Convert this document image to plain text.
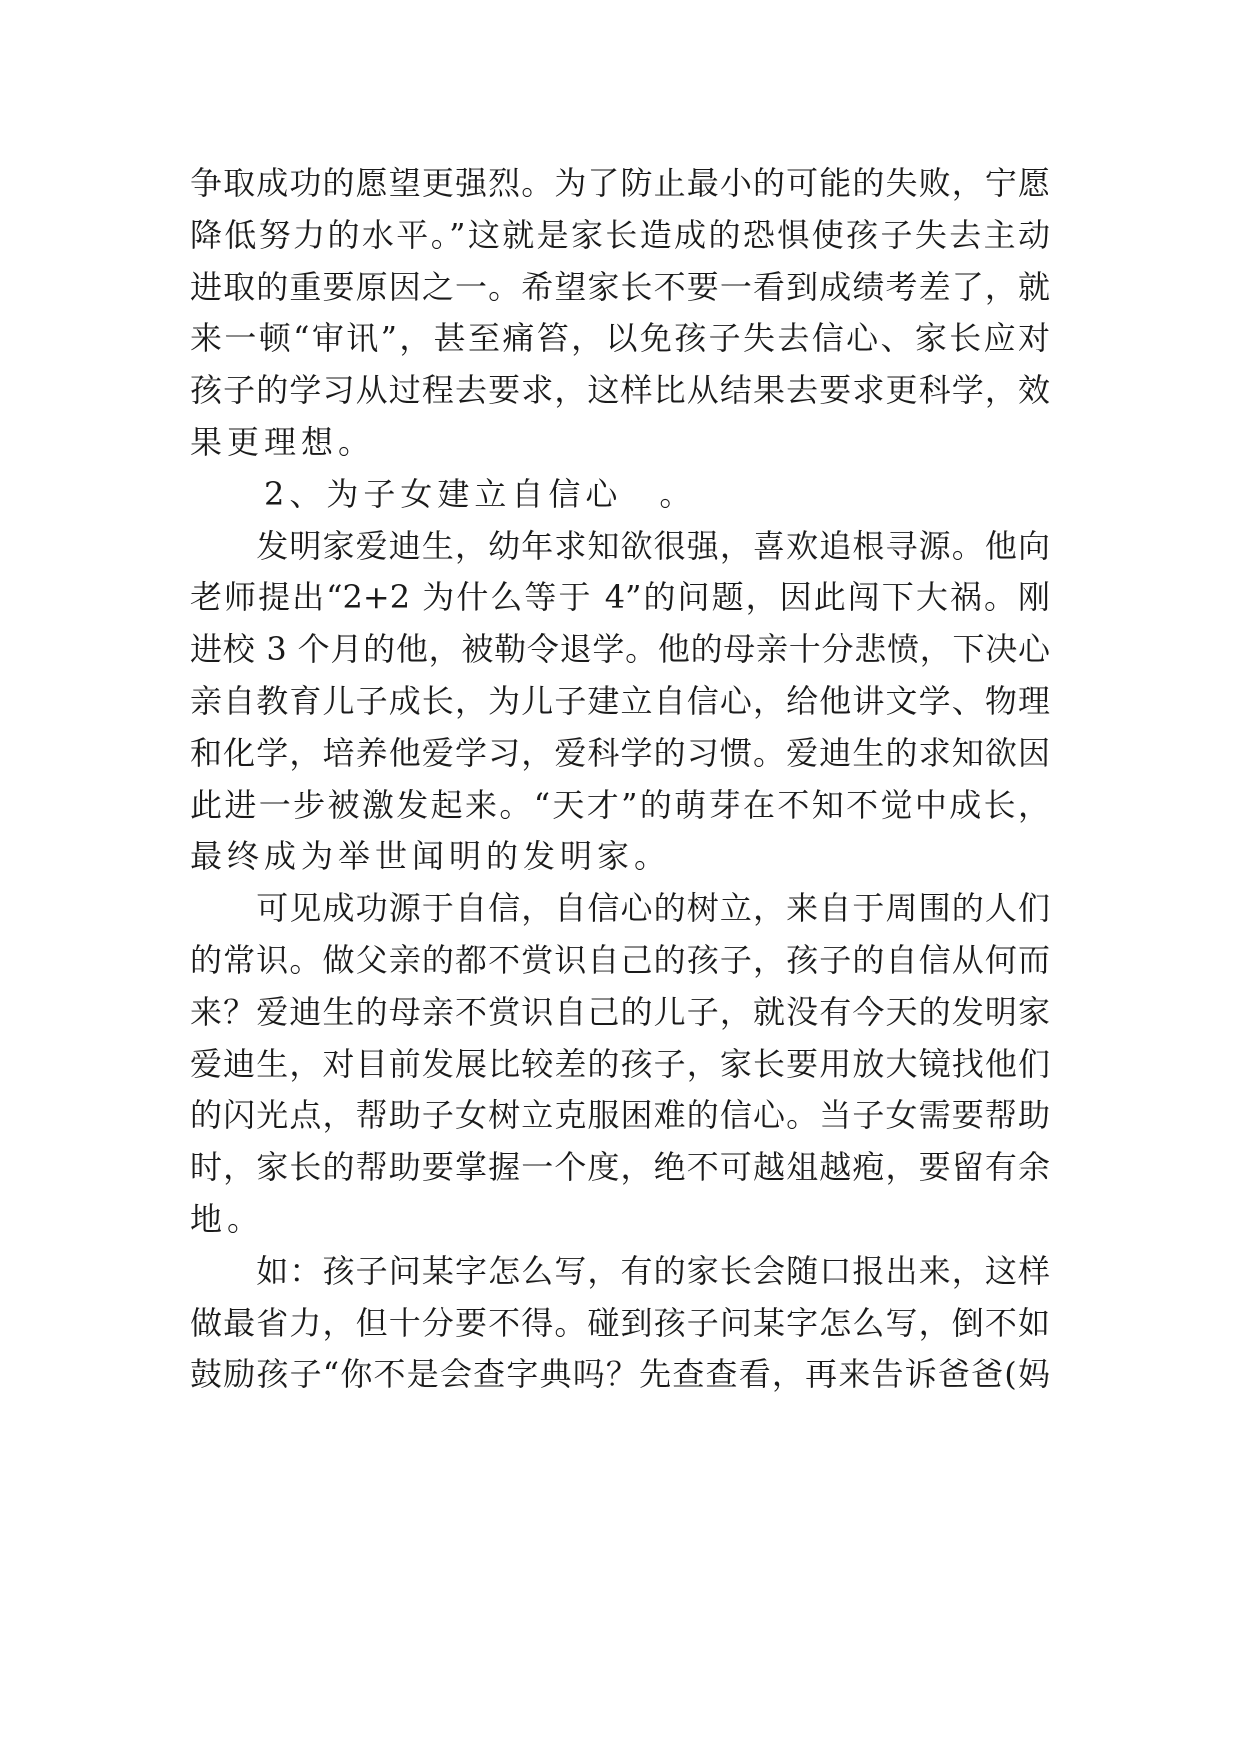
争取成功的愿望更强烈。为了防止最小的可能的失败，宁愿
降低努力的水平。”这就是家长造成的恐惧使孩子失去主动
进取的重要原因之一。希望家长不要一看到成绩考差了，就
来一顿“审讯”，甚至痛笞，以免孩子失去信心、家长应对
孩子的学习从过程去要求，这样比从结果去要求更科学，效
果更理想。
　　2、为子女建立自信心　。
　　发明家爱迪生，幼年求知欲很强，喜欢追根寻源。他向
老师提出“2+2 为什么等于 4”的问题，因此闯下大祸。刚
进校 3 个月的他，被勒令退学。他的母亲十分悲愤，下决心
亲自教育儿子成长，为儿子建立自信心，给他讲文学、物理
和化学，培养他爱学习，爱科学的习惯。爱迪生的求知欲因
此进一步被激发起来。“天才”的萌芽在不知不觉中成长，
最终成为举世闻明的发明家。
　　可见成功源于自信，自信心的树立，来自于周围的人们
的常识。做父亲的都不赏识自己的孩子，孩子的自信从何而
来？爱迪生的母亲不赏识自己的儿子，就没有今天的发明家
爱迪生，对目前发展比较差的孩子，家长要用放大镜找他们
的闪光点，帮助子女树立克服困难的信心。当子女需要帮助
时，家长的帮助要掌握一个度，绝不可越俎越疱，要留有余
地。
　　如：孩子问某字怎么写，有的家长会随口报出来，这样
做最省力，但十分要不得。碰到孩子问某字怎么写，倒不如
鼓励孩子“你不是会查字典吗？先查查看，再来告诉爸爸(妈
